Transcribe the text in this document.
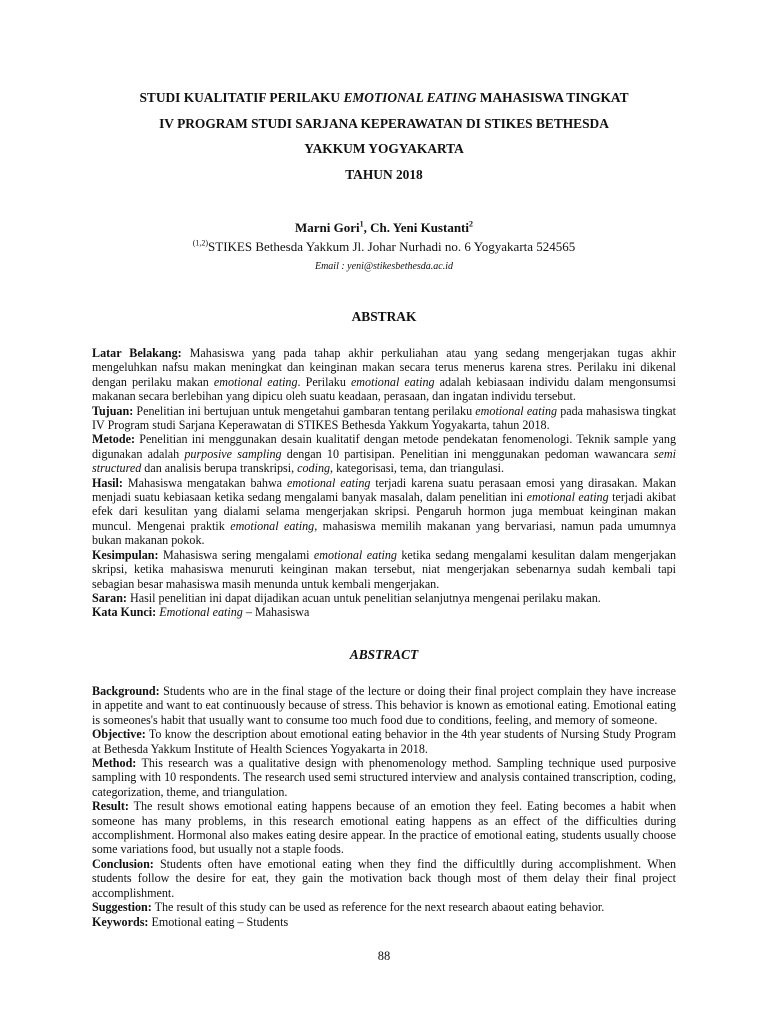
STUDI KUALITATIF PERILAKU EMOTIONAL EATING MAHASISWA TINGKAT
IV PROGRAM STUDI SARJANA KEPERAWATAN DI STIKES BETHESDA
YAKKUM YOGYAKARTA
TAHUN 2018
Marni Gori$^1$, Ch. Yeni Kustanti$^2$
$^{(1,2)}$STIKES Bethesda Yakkum Jl. Johar Nurhadi no. 6 Yogyakarta 524565
Email : yeni@stikesbethesda.ac.id
ABSTRAK

Latar Belakang: Mahasiswa yang pada tahap akhir perkuliahan atau yang sedang mengerjakan tugas akhir mengeluhkan nafsu makan meningkat dan keinginan makan secara terus menerus karena stres. Perilaku ini dikenal dengan perilaku makan emotional eating. Perilaku emotional eating adalah kebiasaan individu dalam mengonsumsi makanan secara berlebihan yang dipicu oleh suatu keadaan, perasaan, dan ingatan individu tersebut.

Tujuan: Penelitian ini bertujuan untuk mengetahui gambaran tentang perilaku emotional eating pada mahasiswa tingkat IV Program studi Sarjana Keperawatan di STIKES Bethesda Yakkum Yogyakarta, tahun 2018.

Metode: Penelitian ini menggunakan desain kualitatif dengan metode pendekatan fenomenologi. Teknik sample yang digunakan adalah purposive sampling dengan 10 partisipan. Penelitian ini menggunakan pedoman wawancara semi structured dan analisis berupa transkripsi, coding, kategorisasi, tema, dan triangulasi.

Hasil: Mahasiswa mengatakan bahwa emotional eating terjadi karena suatu perasaan emosi yang dirasakan. Makan menjadi suatu kebiasaan ketika sedang mengalami banyak masalah, dalam penelitian ini emotional eating terjadi akibat efek dari kesulitan yang dialami selama mengerjakan skripsi. Pengaruh hormon juga membuat keinginan makan muncul. Mengenai praktik emotional eating, mahasiswa memilih makanan yang bervariasi, namun pada umumnya bukan makanan pokok.

Kesimpulan: Mahasiswa sering mengalami emotional eating ketika sedang mengalami kesulitan dalam mengerjakan skripsi, ketika mahasiswa menuruti keinginan makan tersebut, niat mengerjakan sebenarnya sudah kembali tapi sebagian besar mahasiswa masih menunda untuk kembali mengerjakan.

Saran: Hasil penelitian ini dapat dijadikan acuan untuk penelitian selanjutnya mengenai perilaku makan.

Kata Kunci: Emotional eating – Mahasiswa

ABSTRACT

Background: Students who are in the final stage of the lecture or doing their final project complain they have increase in appetite and want to eat continuously because of stress. This behavior is known as emotional eating. Emotional eating is someones's habit that usually want to consume too much food due to conditions, feeling, and memory of someone.

Objective: To know the description about emotional eating behavior in the 4th year students of Nursing Study Program at Bethesda Yakkum Institute of Health Sciences Yogyakarta in 2018.

Method: This research was a qualitative design with phenomenology method. Sampling technique used purposive sampling with 10 respondents. The research used semi structured interview and analysis contained transcription, coding, categorization, theme, and triangulation.

Result: The result shows emotional eating happens because of an emotion they feel. Eating becomes a habit when someone has many problems, in this research emotional eating happens as an effect of the difficulties during accomplishment. Hormonal also makes eating desire appear. In the practice of emotional eating, students usually choose some variations food, but usually not a staple foods.

Conclusion: Students often have emotional eating when they find the difficultlly during accomplishment. When students follow the desire for eat, they gain the motivation back though most of them delay their final project accomplishment.

Suggestion: The result of this study can be used as reference for the next research abaout eating behavior.

Keywords: Emotional eating – Students

88
